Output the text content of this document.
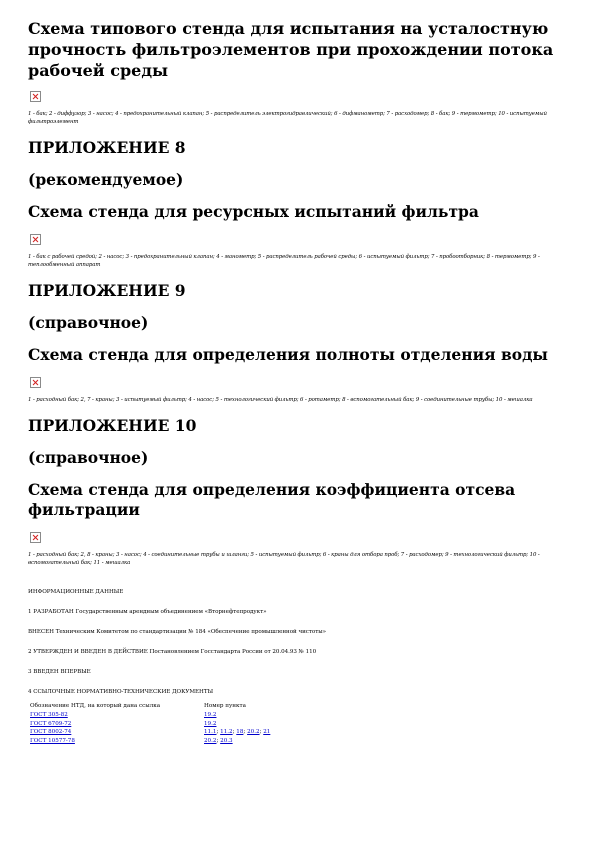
Схема типового стенда для испытания на усталостную прочность фильтроэлементов при прохождении потока рабочей среды

1 - бак; 2 - диффузор; 3 - насос; 4 - предохранительный клапан; 5 - распределитель электрогидравлический; 6 - дифманометр; 7 - расходомер; 8 - бак; 9 - термометр; 10 - испытуемый фильтроэлемент

ПРИЛОЖЕНИЕ 8
(рекомендуемое)
Схема стенда для ресурсных испытаний фильтра

1 - бак с рабочей средой; 2 - насос; 3 - предохранительный клапан; 4 - манометр; 5 - распределитель рабочей среды; 6 - испытуемый фильтр; 7 - пробоотборник; 8 - термометр; 9 - теплообменный аппарат

ПРИЛОЖЕНИЕ 9
(справочное)
Схема стенда для определения полноты отделения воды

1 - расходный бак; 2, 7 - краны; 3 - испытуемый фильтр; 4 - насос; 5 - технологический фильтр; 6 - ротаметр; 8 - вспомогательный бак; 9 - соединительные трубы; 10 - мешалка

ПРИЛОЖЕНИЕ 10
(справочное)
Схема стенда для определения коэффициента отсева фильтрации

1 - расходный бак; 2, 8 - краны; 3 - насос; 4 - соединительные трубы и шланги; 5 - испытуемый фильтр; 6 - краны для отбора проб; 7 - расходомер; 9 - технологический фильтр; 10 - вспомогательный бак; 11 - мешалка

ИНФОРМАЦИОННЫЕ ДАННЫЕ

1 РАЗРАБОТАН Государственным арендным объединением «Вторнефтепродукт»

ВНЕСЕН Техническим Комитетом по стандартизации № 184 «Обеспечение промышленной чистоты»

2 УТВЕРЖДЕН И ВВЕДЕН В ДЕЙСТВИЕ Постановлением Госстандарта России от 20.04.93 № 110

3 ВВЕДЕН ВПЕРВЫЕ

4 ССЫЛОЧНЫЕ НОРМАТИВНО-ТЕХНИЧЕСКИЕ ДОКУМЕНТЫ

Обозначение НТД, на который дана ссылка	Номер пункта
ГОСТ 305-82	19.2
ГОСТ 6709-72	19.2
ГОСТ 8002-74	11.1; 11.2; 18; 20.2; 21
ГОСТ 10577-78	20.2; 20.3
